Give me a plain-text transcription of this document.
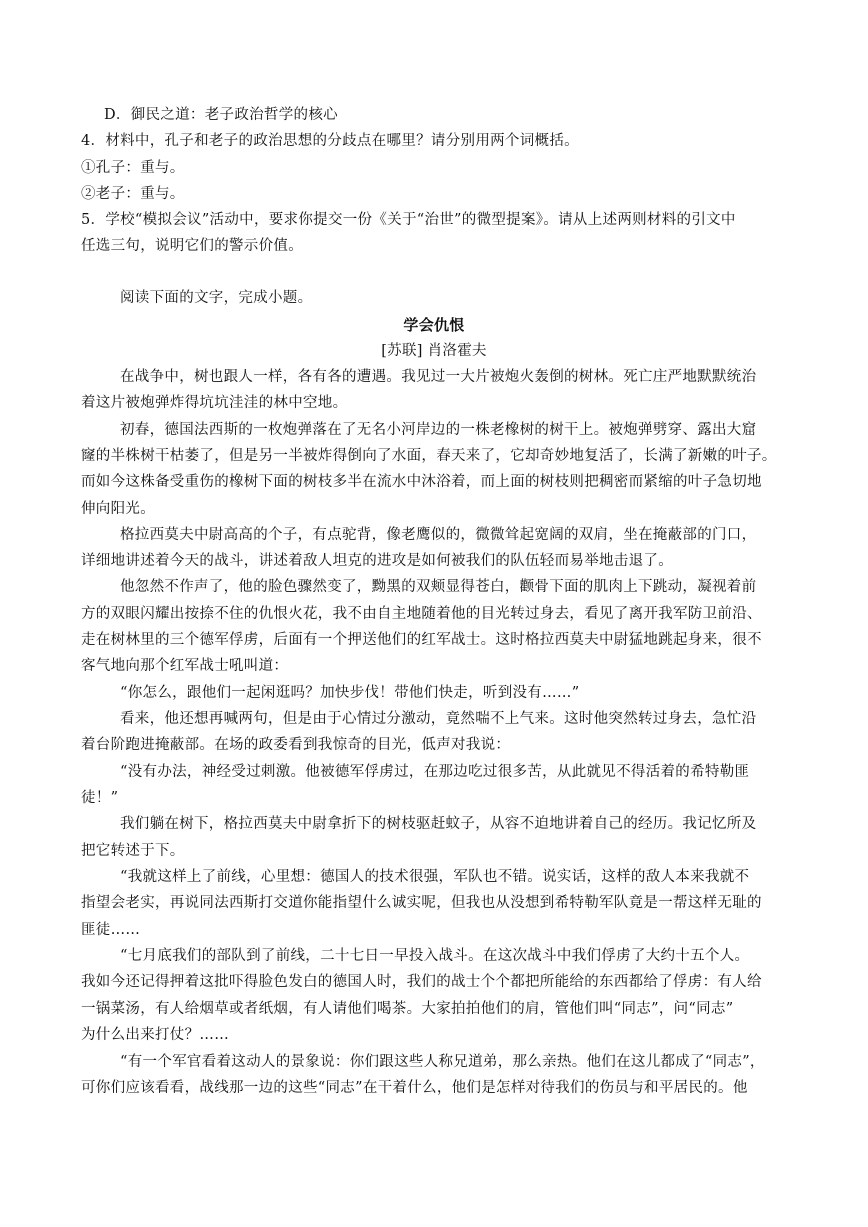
D．御民之道：老子政治哲学的核心
4．材料中，孔子和老子的政治思想的分歧点在哪里？请分别用两个词概括。
①孔子：重与。
②老子：重与。
5．学校“模拟会议”活动中，要求你提交一份《关于“治世”的微型提案》。请从上述两则材料的引文中
任选三句，说明它们的警示价值。
阅读下面的文字，完成小题。
学会仇恨
[苏联] 肖洛霍夫
在战争中，树也跟人一样，各有各的遭遇。我见过一大片被炮火轰倒的树林。死亡庄严地默默统治
着这片被炮弹炸得坑坑洼洼的林中空地。
初春，德国法西斯的一枚炮弹落在了无名小河岸边的一株老橡树的树干上。被炮弹劈穿、露出大窟
窿的半株树干枯萎了，但是另一半被炸得倒向了水面，春天来了，它却奇妙地复活了，长满了新嫩的叶子。
而如今这株备受重伤的橡树下面的树枝多半在流水中沐浴着，而上面的树枝则把稠密而紧缩的叶子急切地
伸向阳光。
格拉西莫夫中尉高高的个子，有点驼背，像老鹰似的，微微耸起宽阔的双肩，坐在掩蔽部的门口，
详细地讲述着今天的战斗，讲述着敌人坦克的进攻是如何被我们的队伍轻而易举地击退了。
他忽然不作声了，他的脸色骤然变了，黝黑的双颊显得苍白，颧骨下面的肌肉上下跳动，凝视着前
方的双眼闪耀出按捺不住的仇恨火花，我不由自主地随着他的目光转过身去，看见了离开我军防卫前沿、
走在树林里的三个德军俘虏，后面有一个押送他们的红军战士。这时格拉西莫夫中尉猛地跳起身来，很不
客气地向那个红军战士吼叫道：
“你怎么，跟他们一起闲逛吗？加快步伐！带他们快走，听到没有……”
看来，他还想再喊两句，但是由于心情过分激动，竟然喘不上气来。这时他突然转过身去，急忙沿
着台阶跑进掩蔽部。在场的政委看到我惊奇的目光，低声对我说：
“没有办法，神经受过刺激。他被德军俘虏过，在那边吃过很多苦，从此就见不得活着的希特勒匪
徒！”
我们躺在树下，格拉西莫夫中尉拿折下的树枝驱赶蚊子，从容不迫地讲着自己的经历。我记忆所及
把它转述于下。
“我就这样上了前线，心里想：德国人的技术很强，军队也不错。说实话，这样的敌人本来我就不
指望会老实，再说同法西斯打交道你能指望什么诚实呢，但我也从没想到希特勒军队竟是一帮这样无耻的
匪徒……
“七月底我们的部队到了前线，二十七日一早投入战斗。在这次战斗中我们俘虏了大约十五个人。
我如今还记得押着这批吓得脸色发白的德国人时，我们的战士个个都把所能给的东西都给了俘虏：有人给
一锅菜汤，有人给烟草或者纸烟，有人请他们喝茶。大家拍拍他们的肩，管他们叫“同志”，问“同志”
为什么出来打仗？……
“有一个军官看着这动人的景象说：你们跟这些人称兄道弟，那么亲热。他们在这儿都成了“同志”，
可你们应该看看，战线那一边的这些“同志”在干着什么，他们是怎样对待我们的伤员与和平居民的。他
